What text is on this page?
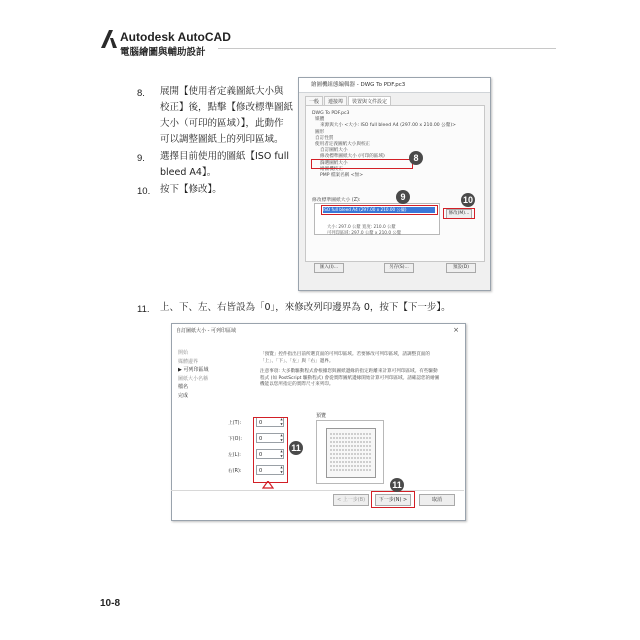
Autodesk AutoCAD
電腦繪圖與輔助設計
8. 展開【使用者定義圖紙大小與
校正】後，點擊【修改標準圖紙
大小（可印的區域）】，此動作
可以調整圖紙上的列印區域。
9. 選擇目前使用的圖紙【ISO full
bleed A4】。
10. 按下【修改】。
繪圖機組態編輯器 - DWG To PDF.pc3
一般 連接埠 裝置與文件設定
DWG To PDF.pc3
媒體
來源與大小 <大小: ISO full bleed A4 (297.00 x 210.00 公釐)>
圖形
自訂性質
使用者定義圖紙大小與校正
自訂圖紙大小
修改標準圖紙大小 (可印的區域)
篩選圖紙大小
繪圖機校正
PMP 檔案名稱 <無>
8
修改標準圖紙大小 (Z):
ISO full bleed A4 (297.00 x 210.00 公釐)
9
修改(M)...
10
大小: 297.0 公釐 寬度: 210.0 公釐
可列印區域: 297.0 公釐 x 210.0 公釐
匯入(I)...	另存(S)...	預設(D)
11. 上、下、左、右皆設為「0」，來修改列印邊界為 0，按下【下一步】。
自訂圖紙大小 - 可列印區域	×
開始
媒體邊界
▶ 可列印區域
圖紙大小名稱
檔名
完成
「預覽」控件指出目前所選頁面的可列印區域。若要修改可列印區域，請調整頁面的「上」、「下」、「左」與「右」邊界。
注意事項: 大多數驅動程式會根據您與圖紙邊緣的指定距離來計算可列印區域。有些驅動程式 (如 PostScript 驅動程式) 會從實際圖紙邊緣開始計算可列印區域。請確認您的繪圖機能以您所指定的實際尺寸來列印。
上(T):	0
▲
▼
下(O):	0
▲
▼
左(L):	0
▲
▼
右(R):	0
▲
▼
11
預覽
< 上一步(B)	下一步(N) >
11
取消
10-8
